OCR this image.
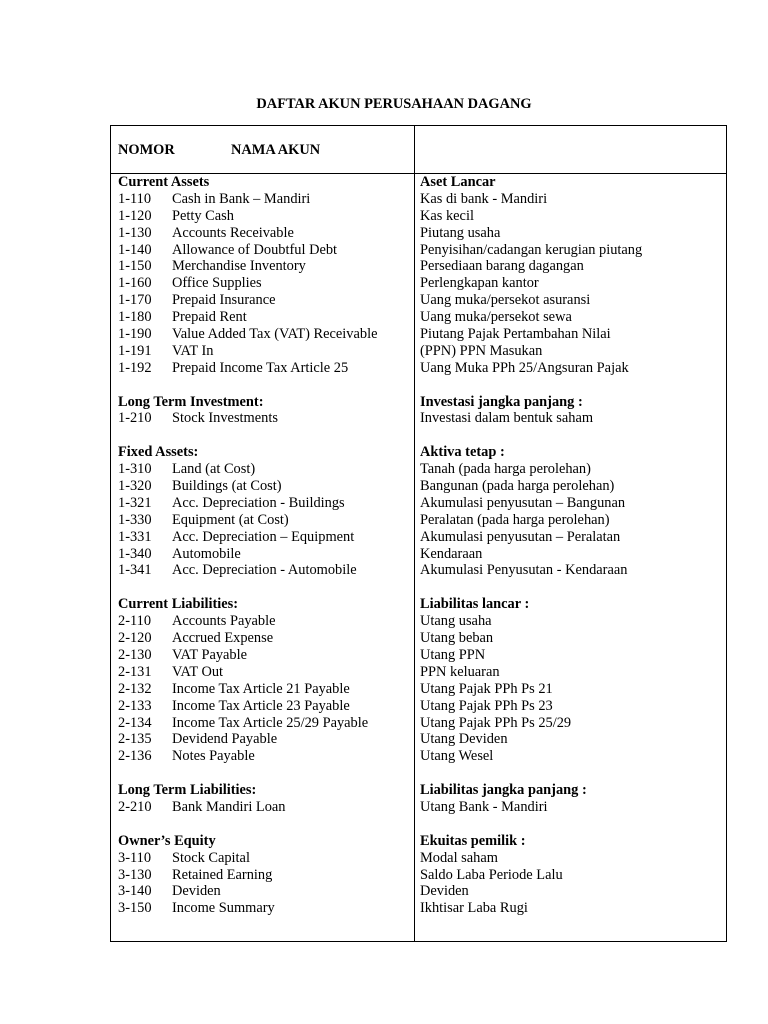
DAFTAR AKUN PERUSAHAAN DAGANG
NOMOR	NAMA AKUN
Current Assets
1-110 Cash in Bank – Mandiri
1-120 Petty Cash
1-130 Accounts Receivable
1-140 Allowance of Doubtful Debt
1-150 Merchandise Inventory
1-160 Office Supplies
1-170 Prepaid Insurance
1-180 Prepaid Rent
1-190 Value Added Tax (VAT) Receivable
1-191 VAT In
1-192 Prepaid Income Tax Article 25
Long Term Investment:
1-210 Stock Investments
Fixed Assets:
1-310 Land (at Cost)
1-320 Buildings (at Cost)
1-321 Acc. Depreciation - Buildings
1-330 Equipment (at Cost)
1-331 Acc. Depreciation – Equipment
1-340 Automobile
1-341 Acc. Depreciation - Automobile
Current Liabilities:
2-110 Accounts Payable
2-120 Accrued Expense
2-130 VAT Payable
2-131 VAT Out
2-132 Income Tax Article 21 Payable
2-133 Income Tax Article 23 Payable
2-134 Income Tax Article 25/29 Payable
2-135 Devidend Payable
2-136 Notes Payable
Long Term Liabilities:
2-210 Bank Mandiri Loan
Owner’s Equity
3-110 Stock Capital
3-130 Retained Earning
3-140 Deviden
3-150 Income Summary
Aset Lancar
Kas di bank - Mandiri
Kas kecil
Piutang usaha
Penyisihan/cadangan kerugian piutang
Persediaan barang dagangan
Perlengkapan kantor
Uang muka/persekot asuransi
Uang muka/persekot sewa
Piutang Pajak Pertambahan Nilai
(PPN) PPN Masukan
Uang Muka PPh 25/Angsuran Pajak
Investasi jangka panjang :
Investasi dalam bentuk saham
Aktiva tetap :
Tanah (pada harga perolehan)
Bangunan (pada harga perolehan)
Akumulasi penyusutan – Bangunan
Peralatan (pada harga perolehan)
Akumulasi penyusutan – Peralatan
Kendaraan
Akumulasi Penyusutan - Kendaraan
Liabilitas lancar :
Utang usaha
Utang beban
Utang PPN
PPN keluaran
Utang Pajak PPh Ps 21
Utang Pajak PPh Ps 23
Utang Pajak PPh Ps 25/29
Utang Deviden
Utang Wesel
Liabilitas jangka panjang :
Utang Bank - Mandiri
Ekuitas pemilik :
Modal saham
Saldo Laba Periode Lalu
Deviden
Ikhtisar Laba Rugi
